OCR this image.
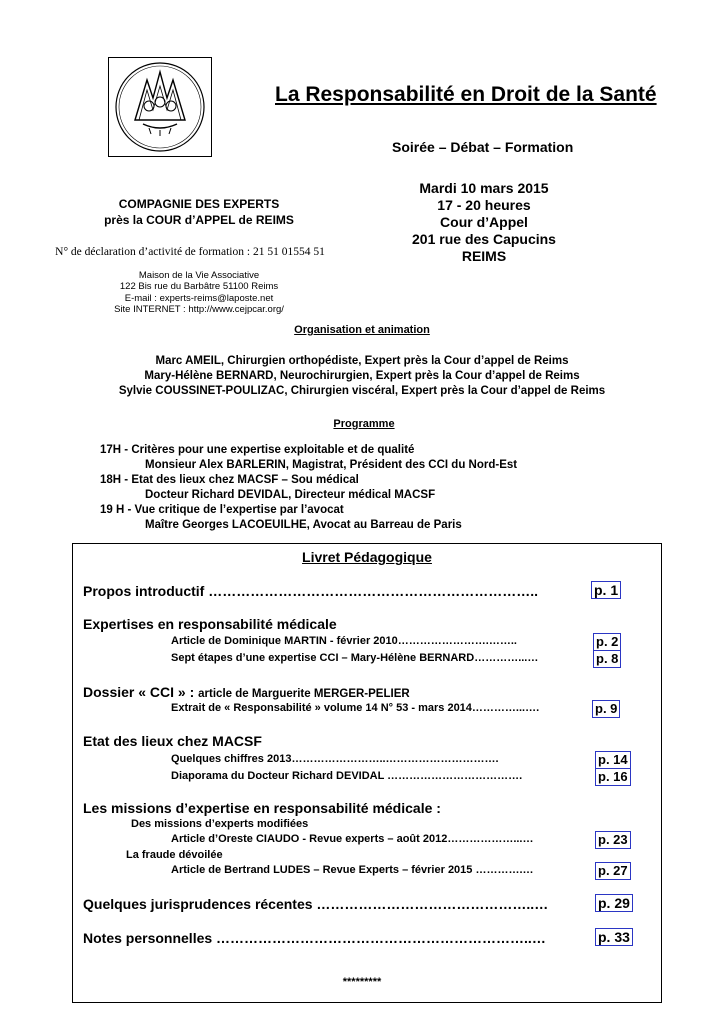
La Responsabilité en Droit de la Santé
Soirée – Débat – Formation
Mardi 10 mars 2015
17 - 20 heures
Cour d’Appel
201 rue des Capucins
REIMS
COMPAGNIE DES EXPERTS
près la COUR d’APPEL de REIMS
N° de déclaration d’activité de formation : 21 51 01554 51
Maison de la Vie Associative
122 Bis rue du Barbâtre 51100 Reims
E-mail : experts-reims@laposte.net
Site INTERNET : http://www.cejpcar.org/
Organisation et animation
Marc AMEIL, Chirurgien orthopédiste, Expert près la Cour d’appel de Reims
Mary-Hélène BERNARD, Neurochirurgien, Expert près la Cour d’appel de Reims
Sylvie COUSSINET-POULIZAC, Chirurgien viscéral, Expert près la Cour d’appel de Reims
Programme
17H - Critères pour une expertise exploitable et de qualité
Monsieur Alex BARLERIN, Magistrat, Président des CCI du Nord-Est
18H - Etat des lieux chez MACSF – Sou médical
Docteur Richard DEVIDAL, Directeur médical MACSF
19 H - Vue critique de l’expertise par l’avocat
Maître Georges LACOEUILHE, Avocat au Barreau de Paris
Livret Pédagogique
Propos introductif ……………………………………………………………..	p. 1
Expertises en responsabilité médicale
Article de Dominique MARTIN - février 2010…………………….……..	p. 2
Sept étapes d’une expertise CCI – Mary-Hélène BERNARD…………...…	p. 8
Dossier « CCI » : article de Marguerite MERGER-PELIER
Extrait de « Responsabilité » volume 14 N° 53 - mars 2014…………...….	p. 9
Etat des lieux chez MACSF
Quelques chiffres 2013……………………..………………………….	p. 14
Diaporama du Docteur Richard DEVIDAL ……………………………….	p. 16
Les missions d’expertise en responsabilité médicale :
Des missions d’experts modifiées
Article d’Oreste CIAUDO - Revue experts – août 2012………………...…	p. 23
La fraude dévoilée
Article de Bertrand LUDES – Revue Experts – février 2015 ………….…	p. 27
Quelques jurisprudences récentes ………………………………………..…	p. 29
Notes personnelles …………………………………………………………..…	p. 33
*********
